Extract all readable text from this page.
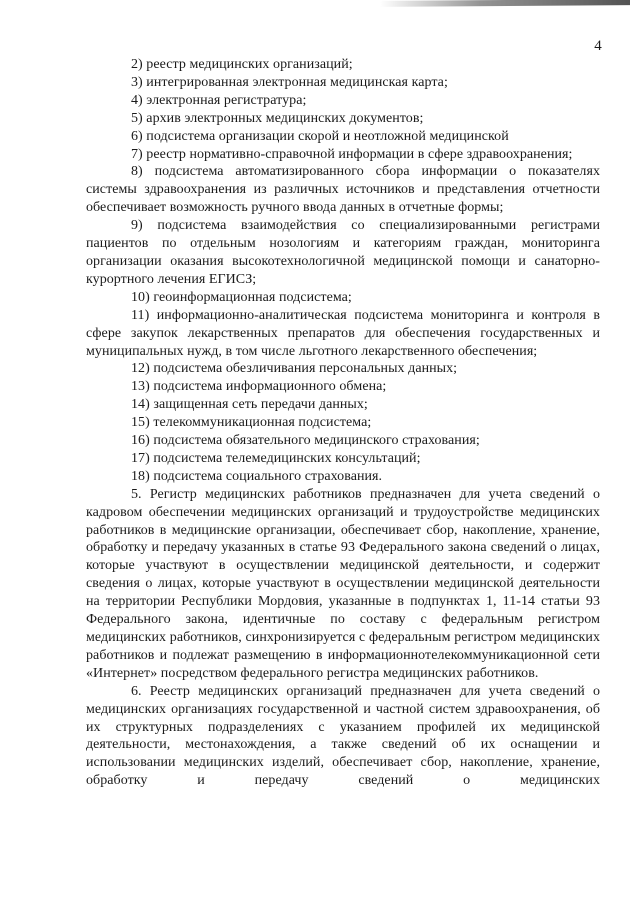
4

2) реестр медицинских организаций;

3) интегрированная электронная медицинская карта;

4) электронная регистратура;

5) архив электронных медицинских документов;

6) подсистема организации скорой и неотложной медицинской

7) реестр нормативно-справочной информации в сфере здравоохранения;

8) подсистема автоматизированного сбора информации о показателях системы здравоохранения из различных источников и представления отчетности обеспечивает возможность ручного ввода данных в отчетные формы;

9) подсистема взаимодействия со специализированными регистрами пациентов по отдельным нозологиям и категориям граждан, мониторинга организации оказания высокотехнологичной медицинской помощи и санаторно-курортного лечения ЕГИСЗ;

10) геоинформационная подсистема;

11) информационно-аналитическая подсистема мониторинга и контроля в сфере закупок лекарственных препаратов для обеспечения государственных и муниципальных нужд, в том числе льготного лекарственного обеспечения;

12) подсистема обезличивания персональных данных;

13) подсистема информационного обмена;

14) защищенная сеть передачи данных;

15) телекоммуникационная подсистема;

16) подсистема обязательного медицинского страхования;

17) подсистема телемедицинских консультаций;

18) подсистема социального страхования.

5. Регистр медицинских работников предназначен для учета сведений о кадровом обеспечении медицинских организаций и трудоустройстве медицинских работников в медицинские организации, обеспечивает сбор, накопление, хранение, обработку и передачу указанных в статье 93 Федерального закона сведений о лицах, которые участвуют в осуществлении медицинской деятельности, и содержит сведения о лицах, которые участвуют в осуществлении медицинской деятельности на территории Республики Мордовия, указанные в подпунктах 1, 11-14 статьи 93 Федерального закона, идентичные по составу с федеральным регистром медицинских работников, синхронизируется с федеральным регистром медицинских работников и подлежат размещению в информационнотелекоммуникационной сети «Интернет» посредством федерального регистра медицинских работников.

6. Реестр медицинских организаций предназначен для учета сведений о медицинских организациях государственной и частной систем здравоохранения, об их структурных подразделениях с указанием профилей их медицинской деятельности, местонахождения, а также сведений об их оснащении и использовании медицинских изделий, обеспечивает сбор, накопление, хранение, обработку и передачу сведений о медицинских
